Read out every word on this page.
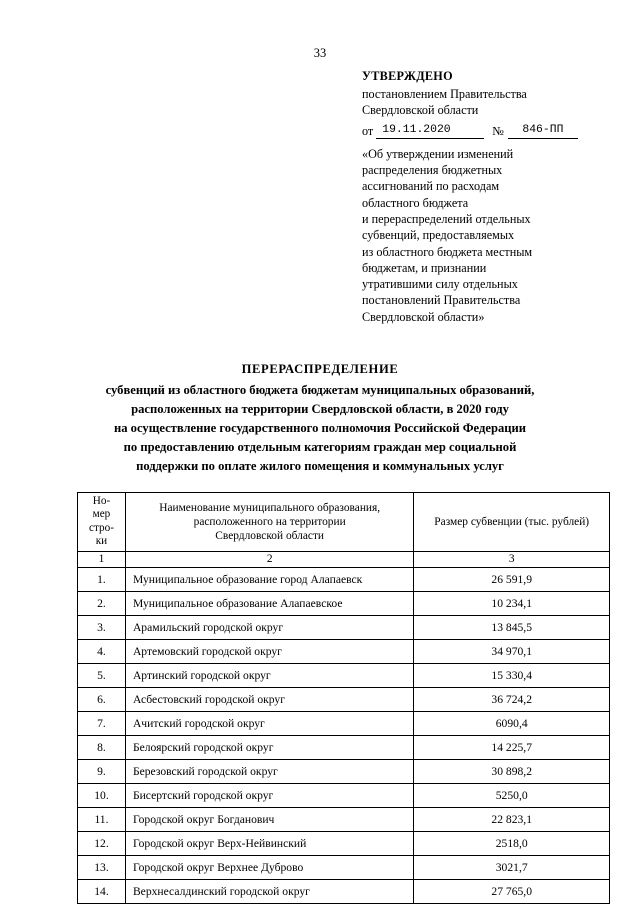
33
УТВЕРЖДЕНО
постановлением Правительства
Свердловской области
от 19.11.2020	№	846-ПП
«Об утверждении изменений
распределения бюджетных
ассигнований по расходам
областного бюджета
и перераспределений отдельных
субвенций, предоставляемых
из областного бюджета местным
бюджетам, и признании
утратившими силу отдельных
постановлений Правительства
Свердловской области»
ПЕРЕРАСПРЕДЕЛЕНИЕ
субвенций из областного бюджета бюджетам муниципальных образований,
расположенных на территории Свердловской области, в 2020 году
на осуществление государственного полномочия Российской Федерации
по предоставлению отдельным категориям граждан мер социальной
поддержки по оплате жилого помещения и коммунальных услуг
Но-
мер
стро-
ки

Наименование муниципального образования,
расположенного на территории
Свердловской области
	Размер субвенции (тыс. рублей)
1	2	3
1.	Муниципальное образование город Алапаевск	26 591,9
2.	Муниципальное образование Алапаевское	10 234,1
3.	Арамильский городской округ	13 845,5
4.	Артемовский городской округ	34 970,1
5.	Артинский городской округ	15 330,4
6.	Асбестовский городской округ	36 724,2
7.	Ачитский городской округ	6090,4
8.	Белоярский городской округ	14 225,7
9.	Березовский городской округ	30 898,2
10.	Бисертский городской округ	5250,0
11.	Городской округ Богданович	22 823,1
12.	Городской округ Верх-Нейвинский	2518,0
13.	Городской округ Верхнее Дуброво	3021,7
14.	Верхнесалдинский городской округ	27 765,0
